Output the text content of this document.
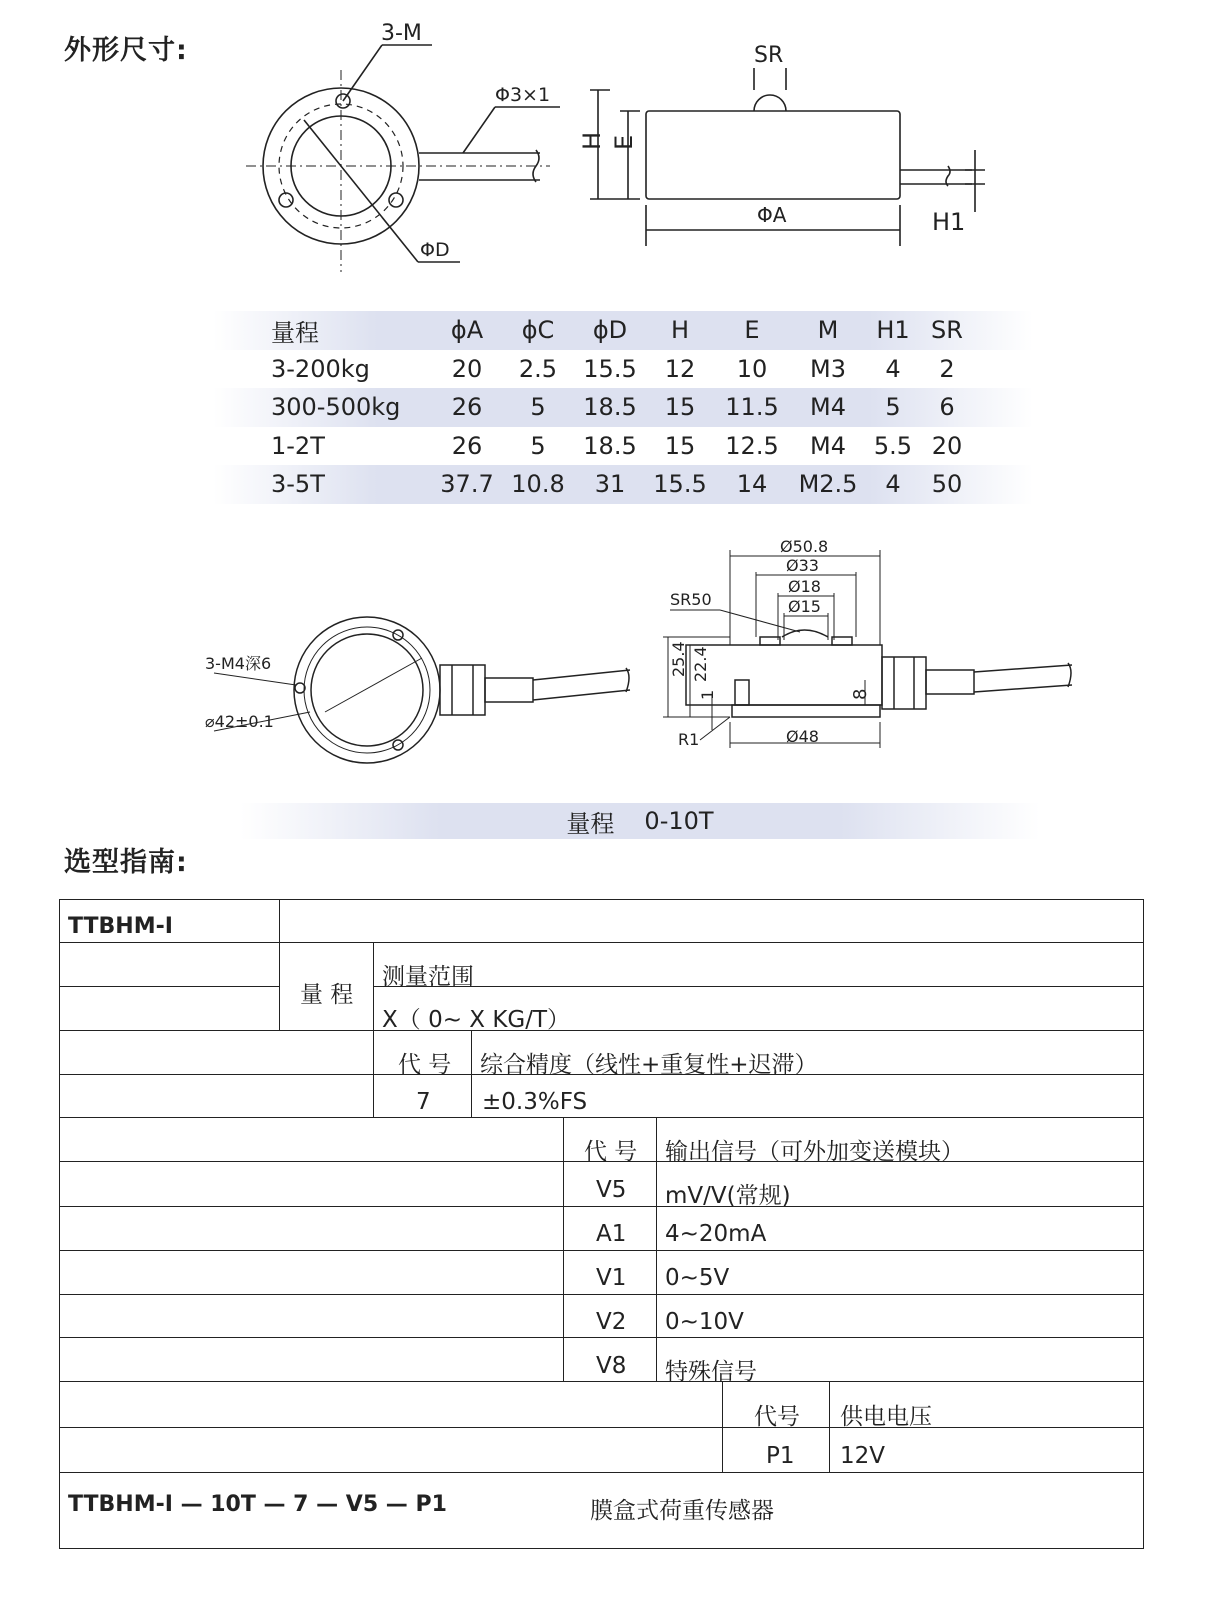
外形尺寸:
3-M
Φ3×1
ΦD
SR
H E
ΦA	H1
量程	ϕA	ϕC	ϕD	H	E	M	H1 SR
3-200kg	20	2.5	15.5	12	10	M3	4	2
300-500kg	26	5	18.5	15	11.5	M4	5	6
1-2T	26	5	18.5	15	12.5	M4	5.5 20
3-5T	37.7 10.8	31	15.5	14	M2.5	4	50
3-M4深6
⌀42±0.1
Ø50.8
Ø33
Ø18
Ø15
SR50
25.4 22.4
1	8
R1	Ø48
量程 0-10T
选型指南:
TTBHM-Ⅰ
量 程
测量范围
X（ 0~ X KG/T）
代 号 综合精度（线性+重复性+迟滞）
7 ±0.3%FS
代 号 输出信号（可外加变送模块）
V5 mV/V(常规)
A1 4~20mA
V1 0~5V
V2 0~10V
V8 特殊信号
代号 供电电压
P1 12V
TTBHM-Ⅰ — 10T — 7 — V5 — P1	膜盒式荷重传感器
